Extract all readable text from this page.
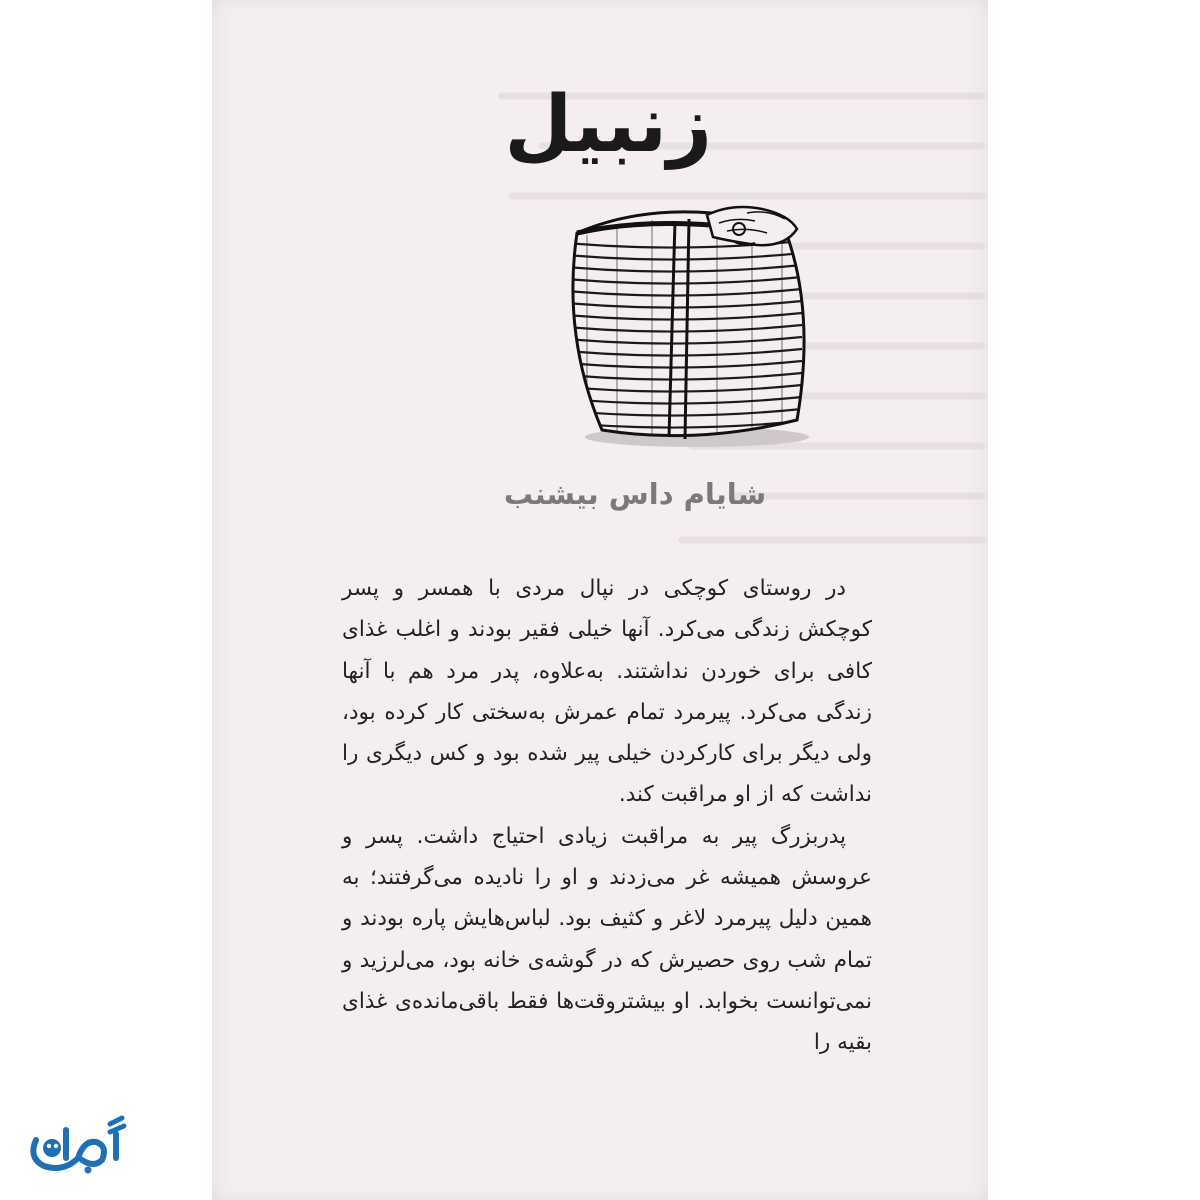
زنبیل
شایام داس بیشنب

در روستای کوچکی در نپال مردی با همسر و پسر کوچکش زندگی می‌کرد. آنها خیلی فقیر بودند و اغلب غذای کافی برای خوردن نداشتند. به‌علاوه، پدر مرد هم با آنها زندگی می‌کرد. پیرمرد تمام عمرش به‌سختی کار کرده بود، ولی دیگر برای کارکردن خیلی پیر شده بود و کس دیگری را نداشت که از او مراقبت کند.

پدربزرگ پیر به مراقبت زیادی احتیاج داشت. پسر و عروسش همیشه غر می‌زدند و او را نادیده می‌گرفتند؛ به همین دلیل پیرمرد لاغر و کثیف بود. لباس‌هایش پاره بودند و تمام شب روی حصیرش که در گوشه‌ی خانه بود، می‌لرزید و نمی‌توانست بخوابد. او بیشتروقت‌ها فقط باقی‌مانده‌ی غذای بقیه را
